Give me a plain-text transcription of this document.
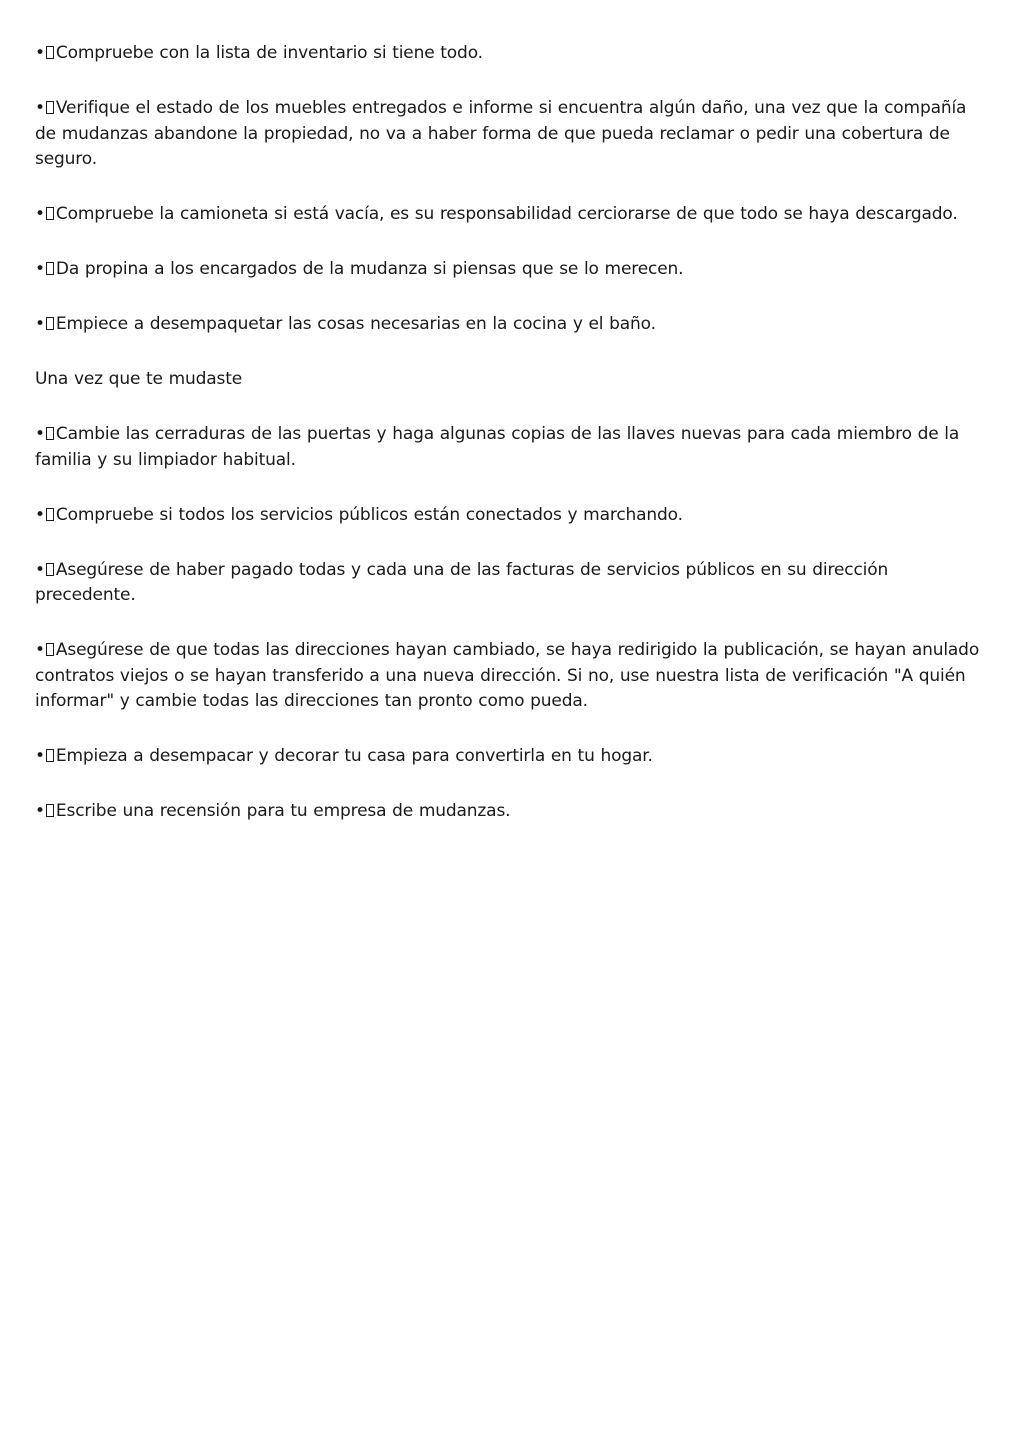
• Compruebe con la lista de inventario si tiene todo.

• Verifique el estado de los muebles entregados e informe si encuentra algún daño, una vez que la compañía de mudanzas abandone la propiedad, no va a haber forma de que pueda reclamar o pedir una cobertura de seguro.

• Compruebe la camioneta si está vacía, es su responsabilidad cerciorarse de que todo se haya descargado.

• Da propina a los encargados de la mudanza si piensas que se lo merecen.

• Empiece a desempaquetar las cosas necesarias en la cocina y el baño.

Una vez que te mudaste

• Cambie las cerraduras de las puertas y haga algunas copias de las llaves nuevas para cada miembro de la familia y su limpiador habitual.

• Compruebe si todos los servicios públicos están conectados y marchando.

• Asegúrese de haber pagado todas y cada una de las facturas de servicios públicos en su dirección precedente.

• Asegúrese de que todas las direcciones hayan cambiado, se haya redirigido la publicación, se hayan anulado contratos viejos o se hayan transferido a una nueva dirección. Si no, use nuestra lista de verificación "A quién informar" y cambie todas las direcciones tan pronto como pueda.

• Empieza a desempacar y decorar tu casa para convertirla en tu hogar.

• Escribe una recensión para tu empresa de mudanzas.
